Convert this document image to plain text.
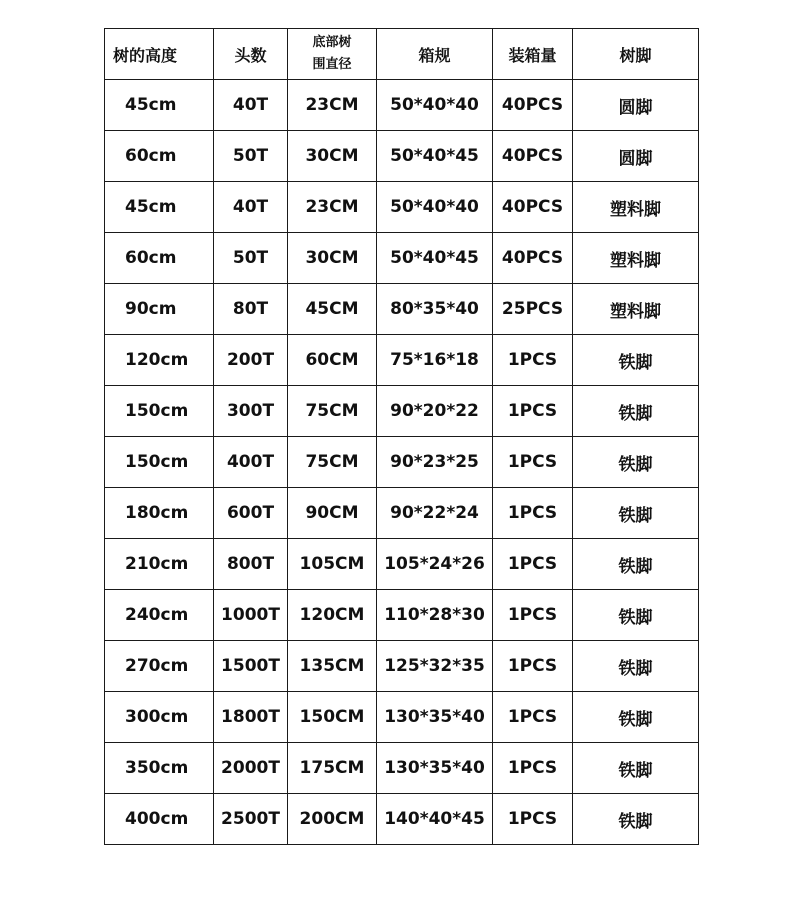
树的高度	头数	底部树围直径	箱规	装箱量	树脚
45cm	40T	23CM	50*40*40	40PCS	圆脚
60cm	50T	30CM	50*40*45	40PCS	圆脚
45cm	40T	23CM	50*40*40	40PCS	塑料脚
60cm	50T	30CM	50*40*45	40PCS	塑料脚
90cm	80T	45CM	80*35*40	25PCS	塑料脚
120cm	200T	60CM	75*16*18	1PCS	铁脚
150cm	300T	75CM	90*20*22	1PCS	铁脚
150cm	400T	75CM	90*23*25	1PCS	铁脚
180cm	600T	90CM	90*22*24	1PCS	铁脚
210cm	800T	105CM	105*24*26	1PCS	铁脚
240cm	1000T	120CM	110*28*30	1PCS	铁脚
270cm	1500T	135CM	125*32*35	1PCS	铁脚
300cm	1800T	150CM	130*35*40	1PCS	铁脚
350cm	2000T	175CM	130*35*40	1PCS	铁脚
400cm	2500T	200CM	140*40*45	1PCS	铁脚
